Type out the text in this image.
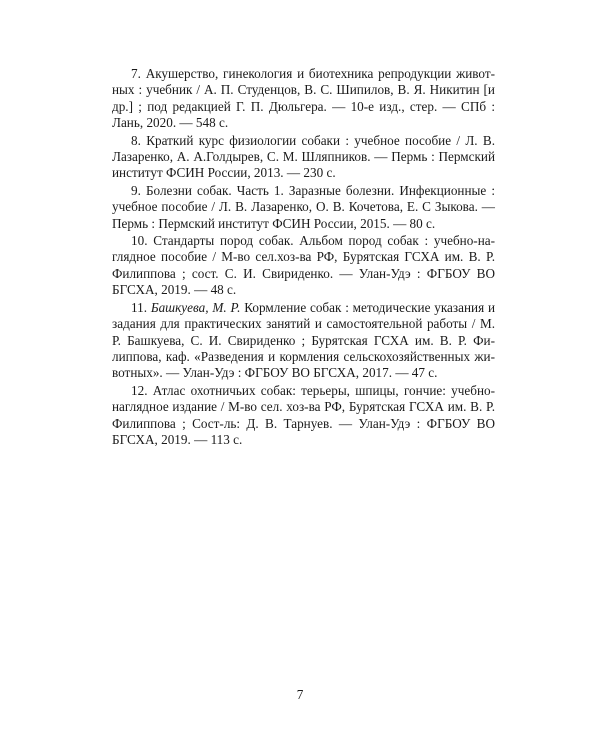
7. Акушерство, гинекология и биотехника репродукции животных : учебник / А. П. Студенцов, В. С. Шипилов, В. Я. Никитин [и др.] ; под редакцией Г. П. Дюльгера. — 10-е изд., стер. — СПб : Лань, 2020. — 548 с.

8. Краткий курс физиологии собаки : учебное пособие / Л. В. Лазаренко, А. А.Голдырев, С. М. Шляпников. — Пермь : Пермский институт ФСИН России, 2013. — 230 с.

9. Болезни собак. Часть 1. Заразные болезни. Инфекционные : учебное пособие / Л. В. Лазаренко, О. В. Кочетова, Е. С Зыкова. — Пермь : Пермский институт ФСИН России, 2015. — 80 с.

10. Стандарты пород собак. Альбом пород собак : учебно-наглядное пособие / М-во сел.хоз-ва РФ, Бурятская ГСХА им. В. Р. Филиппова ; сост. С. И. Свириденко. — Улан-Удэ : ФГБОУ ВО БГСХА, 2019. — 48 с.

11. Башкуева, М. Р. Кормление собак : методические указания и задания для практических занятий и самостоятельной работы / М. Р. Башкуева, С. И. Свириденко ; Бурятская ГСХА им. В. Р. Филиппова, каф. «Разведения и кормления сельскохозяйственных животных». — Улан-Удэ : ФГБОУ ВО БГСХА, 2017. — 47 с.

12. Атлас охотничьих собак: терьеры, шпицы, гончие: учебно-наглядное издание / М-во сел. хоз-ва РФ, Бурятская ГСХА им. В. Р. Филиппова ; Сост-ль: Д. В. Тарнуев. — Улан-Удэ : ФГБОУ ВО БГСХА, 2019. — 113 с.

7
